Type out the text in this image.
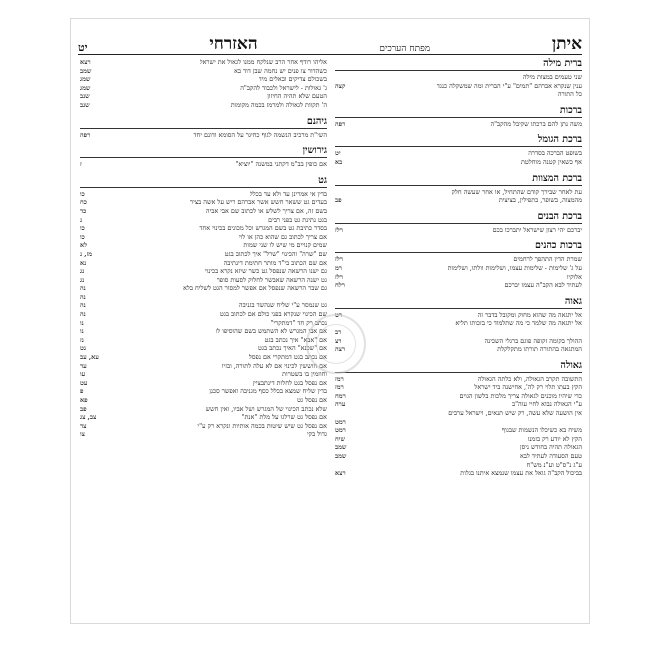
איתן
מפתח הערכים
האזרחי
יט
ברית מילה
שני טעמים במצות מילה
ענין שנקרא אברהם "תמים" ע"י הברית ומה שמשקלה כנגד
קצה
כל התורה
ברכות
משה נתן להם ברכתו שקיבל מהקב"ה
רפה
ברכת הגומל
בשופט הברכה בסדרה
יט
אף כשאין קטנה מוחלטת
בא
ברכת המצוות
עת לאחר שבירך קודם שהתחיל, או אחר שעשה חלק
מהמצוה, בשופר, בתפילין, בציצית
פב
ברכת הבנים
יברכם יהי רצון שישראל יתברכו בכם
רלז
ברכות כהנים
שמרת הדין התהפך לרחמים
רלז
על ג' שלימות - שלימות עצמו, ושלימות וולתו, ושלימות
רמ
אלוקיו
רלז
לעתיד לבא הקב"ה עצמו יברכם
רלח
גאוה
אל יתגאה מה שהוא מחוק ומקובל בדבר זה
רט
אל יתגאה מה שלמד כי מה שתלמוד כי בזכותו תליא
רב
ההולך בקומה זקופה פוגם ברגלי השכינה
רצ
המתגאה בהתורה תורתו מתקלקלת
רצה
גאולה
התשובה תקרב הגאולה, ולא כלתה הגאולה
רמז
הקץ בעתו תלוי רק לה', אחישנה ביד ישראל
רמז
כדי שיהיו מוכנים לגאולה צריך מלכות בלשון הגוים
רמח
ע"י הגאולה נבוא לחיי עוה"ב
ערה
אין הושעה שלא עשה, רק שיש תנאים, וישראל ערבים
רמט
משיח בא כשיכלו הנשמות שבגוף
רמט
הקץ לא יודע רק בזמנו
שיח
הגאולה תהיה בחודש ניסן
שמב
טעם הסעודה לעתיד לבא
שמב
ע"ג נ"ס"ט וע"נ מש"ח
בביכול הקב"ה גואל את עצמו שנמצא איתנו בגלות
רצא
אליהו רודף אחר הרב שנלקח ממנו לגאול את ישראל
רצא
כשהדור צו פנים יש נחמה שבן דוד בא
שמב
בשכולם צדיקים ובאלים מיד
שמג
ג' גאולות - לישראל ולכבוד להקב"ה
שמג
הטעם שלא תהיה החיזון
שנב
ה' תקוות לגאולה ולמרמז בכמה מקומות
שנב
גיהנם
השי"ת מרכיב הנשמה לגוף כחיגר על הסומא ודונם יחד
רפה
גירושין
אם כופין בב"מ דקתני במשנה "יוציא"
ז
גט
בדין אי אמרינן עד ולא עד בכלל
כו
בעדים גט ששאר חשש אשר אברהם ריש על אשה בציר
כח
בשם זה, אם צריך לשלש או לכתוב שם אבי אביה
כד
בגט נתינת גט בפני רבים
נ
בסדר כתיבת גט בשם המגרש וכל מכונים בכינוי אחד
כו
אם צריך לכתוב גם שהוא כהן או לוי
כו
שמים קנויים מי שיש לו שני שמות
לא
שם "שרה" והכינוי "שרל" איך לכתוב בגט
מז, נ
אם שם הכתוב בי"ד מותר חתימת דינתיבה
נא
גם ישנו הרשאה שנפסל גט כשר שיזא נקרא בכינוי
נג
גט ישנה הרשאה שאבשר לחלוק לסעות סופר
נג
גם שבר הרשאה שנפסל אם אפשר למסור הגט לשליח בלא
נה
נה
גט שנמסר ע"י שליח שנהשד בגניבה
נה
שם הכינוי שנקרא בפני כולם אם לכתוב בגט
נה
נכתב רק חד "דמתקרי"
נו
אם אבי המגרש לא השתמש בשם שהוסיפו לו
נו
אם "אבא" איך נכתב בגט
נז
אם "שכנא" האיך נכתב בגט
נט
אם נכתב בגט דמתקרי אם נפסל
עא, עב
אם חוששין לכינוי אם לא עלה לתורה, ובזיו
עד
וחוזמין בו בשטרות
עו
אם נפסל בגט לחלות דינתבציין
עט
בדין שליח שמצא בכלל כסף מגניבה ואפשר סכנן
פ
אם נפסל גט
פא
שלא נכתב הכינוי של המגרש ושל אביו, ואין חשש
פב
אם נפסל גט שרלגו על מלת "אנת"
צב, צג
אם נפסל גט שיש שיטות בכמה אותיות ונקרא רק ע"י
צד
גדול בקי
צו
